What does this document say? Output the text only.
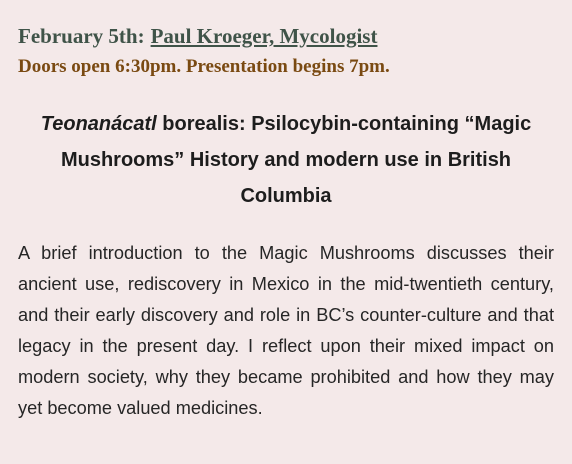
February 5th: Paul Kroeger, Mycologist

Doors open 6:30pm. Presentation begins 7pm.

Teonanácatl borealis: Psilocybin-containing “Magic Mushrooms” History and modern use in British Columbia

A brief introduction to the Magic Mushrooms discusses their ancient use, rediscovery in Mexico in the mid-twentieth century, and their early discovery and role in BC’s counter-culture and that legacy in the present day. I reflect upon their mixed impact on modern society, why they became prohibited and how they may yet become valued medicines.
